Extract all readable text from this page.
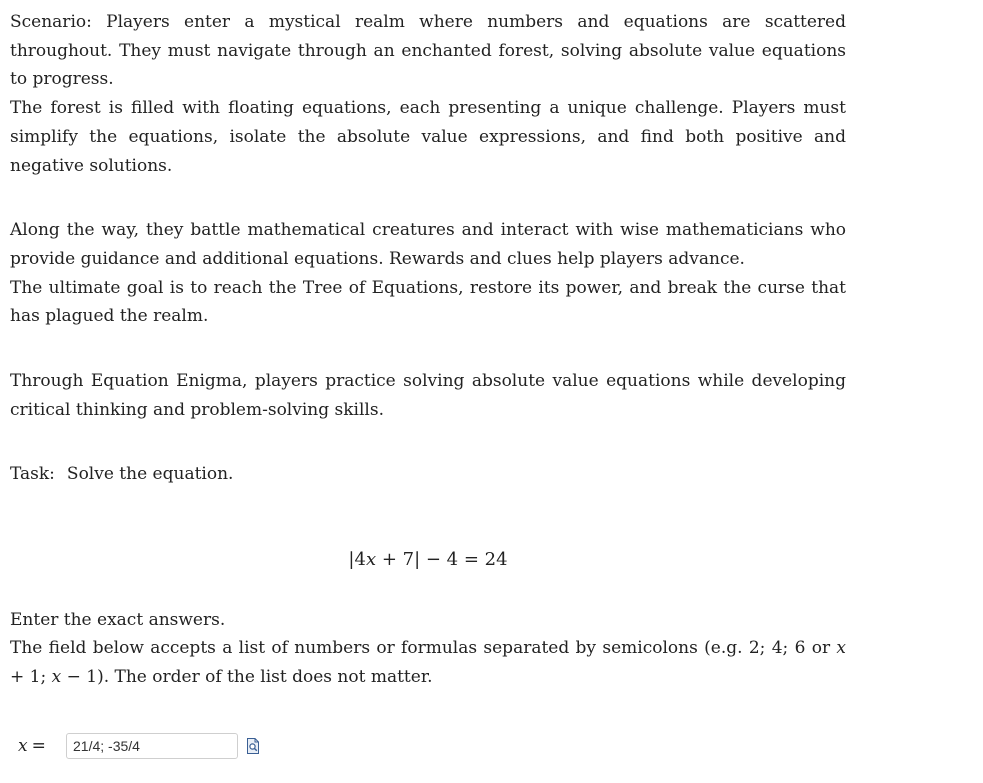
Scenario: Players enter a mystical realm where numbers and equations are scattered throughout. They must navigate through an enchanted forest, solving absolute value equations to progress.

The forest is filled with floating equations, each presenting a unique challenge. Players must simplify the equations, isolate the absolute value expressions, and find both positive and negative solutions.

Along the way, they battle mathematical creatures and interact with wise mathematicians who provide guidance and additional equations. Rewards and clues help players advance.

The ultimate goal is to reach the Tree of Equations, restore its power, and break the curse that has plagued the realm.

Through Equation Enigma, players practice solving absolute value equations while developing critical thinking and problem-solving skills.

Task: Solve the equation.
|4x + 7| − 4 = 24
Enter the exact answers.

The field below accepts a list of numbers or formulas separated by semicolons (e.g. 2; 4; 6 or x + 1; x − 1). The order of the list does not matter.

x =
21/4; -35/4
